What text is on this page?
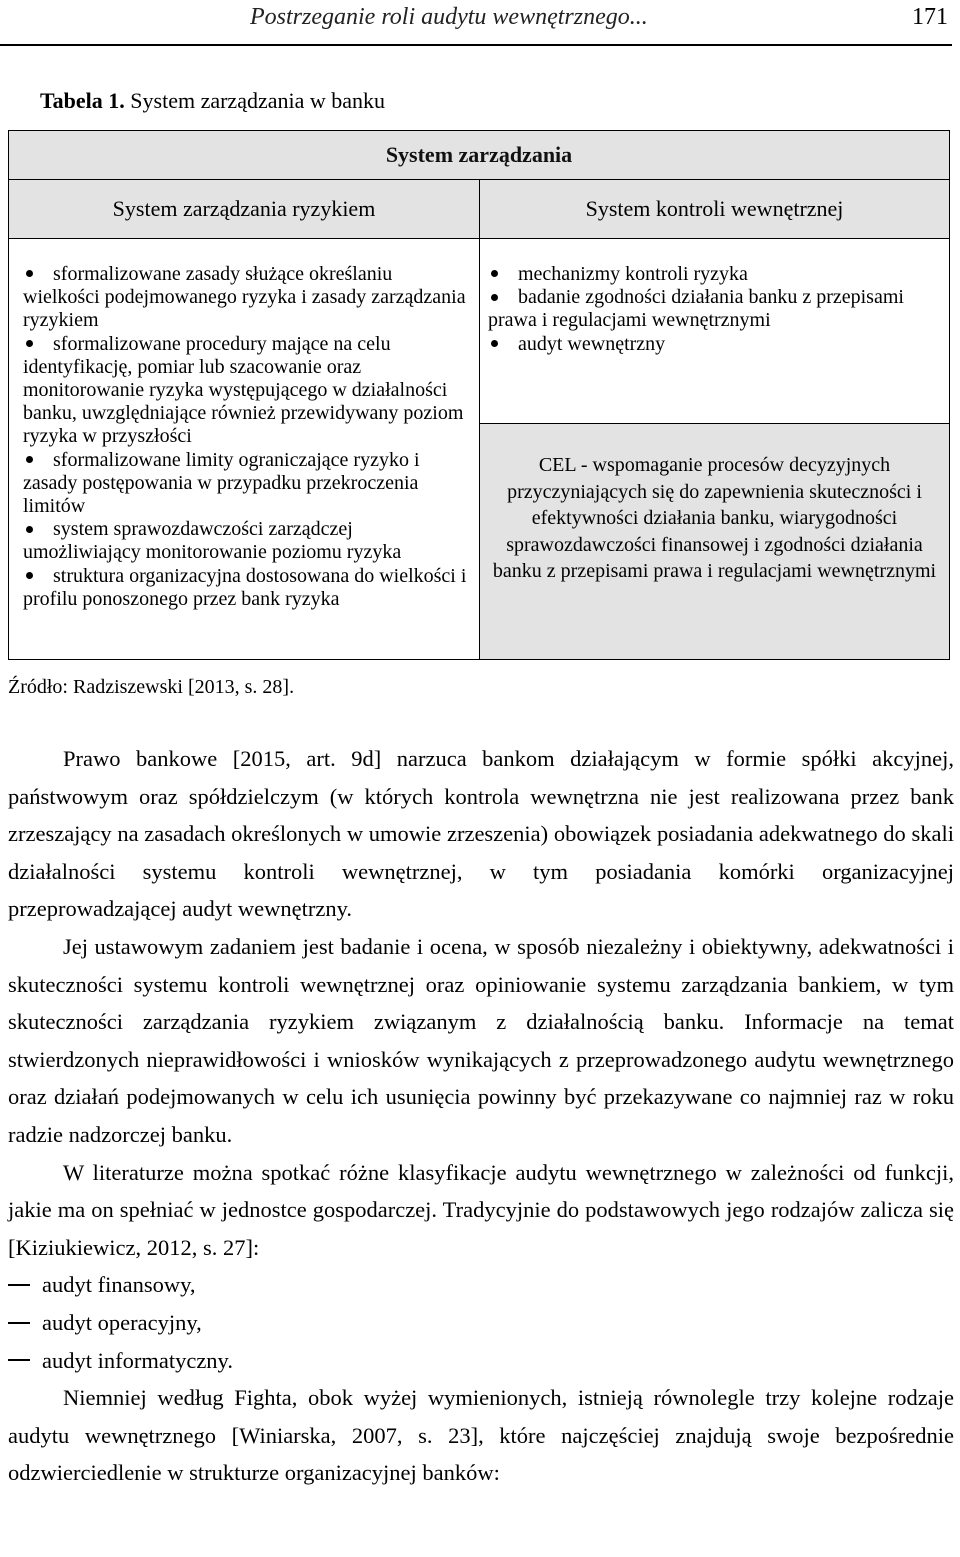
Postrzeganie roli audytu wewnętrznego...	171
Tabela 1. System zarządzania w banku
System zarządzania
System zarządzania ryzykiem	System kontroli wewnętrznej
sformalizowane zasady służące określaniu wielkości podejmowanego ryzyka i zasady zarządzania ryzykiem
sformalizowane procedury mające na celu identyfikację, pomiar lub szacowanie oraz monitorowanie ryzyka występującego w działalności banku, uwzględniające również przewidywany poziom ryzyka w przyszłości
sformalizowane limity ograniczające ryzyko i zasady postępowania w przypadku przekroczenia limitów
system sprawozdawczości zarządczej umożliwiający monitorowanie poziomu ryzyka
struktura organizacyjna dostosowana do wielkości i profilu ponoszonego przez bank ryzyka
mechanizmy kontroli ryzyka
badanie zgodności działania banku z przepisami prawa i regulacjami wewnętrznymi
audyt wewnętrzny
CEL - wspomaganie procesów decyzyjnych przyczyniających się do zapewnienia skuteczności i efektywności działania banku, wiarygodności sprawozdawczości finansowej i zgodności działania banku z przepisami prawa i regulacjami wewnętrznymi
Źródło: Radziszewski [2013, s. 28].

Prawo bankowe [2015, art. 9d] narzuca bankom działającym w formie spółki akcyjnej, państwowym oraz spółdzielczym (w których kontrola wewnętrzna nie jest realizowana przez bank zrzeszający na zasadach określonych w umowie zrzeszenia) obowiązek posiadania adekwatnego do skali działalności systemu kontroli wewnętrznej, w tym posiadania komórki organizacyjnej przeprowadzającej audyt wewnętrzny.

Jej ustawowym zadaniem jest badanie i ocena, w sposób niezależny i obiektywny, adekwatności i skuteczności systemu kontroli wewnętrznej oraz opiniowanie systemu zarządzania bankiem, w tym skuteczności zarządzania ryzykiem związanym z działalnością banku. Informacje na temat stwierdzonych nieprawidłowości i wniosków wynikających z przeprowadzonego audytu wewnętrznego oraz działań podejmowanych w celu ich usunięcia powinny być przekazywane co najmniej raz w roku radzie nadzorczej banku.

W literaturze można spotkać różne klasyfikacje audytu wewnętrznego w zależności od funkcji, jakie ma on spełniać w jednostce gospodarczej. Tradycyjnie do podstawowych jego rodzajów zalicza się [Kiziukiewicz, 2012, s. 27]:

audyt finansowy,
audyt operacyjny,
audyt informatyczny.

Niemniej według Fighta, obok wyżej wymienionych, istnieją równolegle trzy kolejne rodzaje audytu wewnętrznego [Winiarska, 2007, s. 23], które najczęściej znajdują swoje bezpośrednie odzwierciedlenie w strukturze organizacyjnej banków:
